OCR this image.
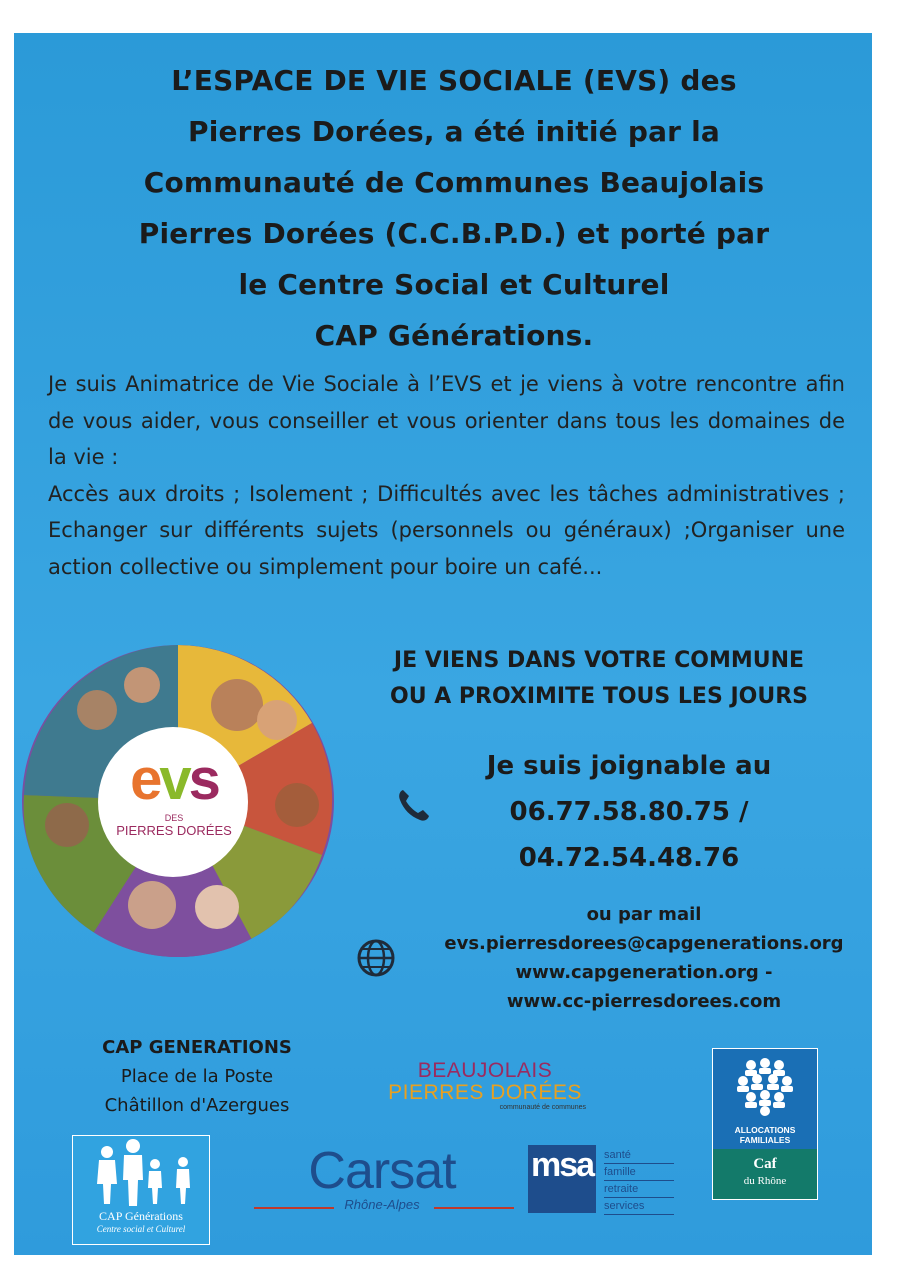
L’ESPACE DE VIE SOCIALE (EVS) des
Pierres Dorées, a été initié par la
Communauté de Communes Beaujolais
Pierres Dorées (C.C.B.P.D.) et porté par
le Centre Social et Culturel
CAP Générations.

Je suis Animatrice de Vie Sociale à l’EVS et je viens à votre rencontre afin de vous aider, vous conseiller et vous orienter dans tous les domaines de la vie :

Accès aux droits ; Isolement ; Difficultés avec les tâches administratives ; Echanger sur différents sujets (personnels ou généraux) ;Organiser une action collective ou simplement pour boire un café...

JE VIENS DANS VOTRE COMMUNE
OU A PROXIMITE TOUS LES JOURS
evs
DES
PIERRES DORÉES
Je suis joignable au
06.77.58.80.75 /
04.72.54.48.76
ou par mail
evs.pierresdorees@capgenerations.org
www.capgeneration.org -
www.cc-pierresdorees.com
CAP GENERATIONS
Place de la Poste
Châtillon d'Azergues
BEAUJOLAIS
PIERRES DORÉES
communauté de communes
ALLOCATIONS
FAMILIALES
Caf
du Rhône
CAP Générations
Centre social et Culturel
Carsat
Rhône-Alpes
msa santé
famille
retraite
services
